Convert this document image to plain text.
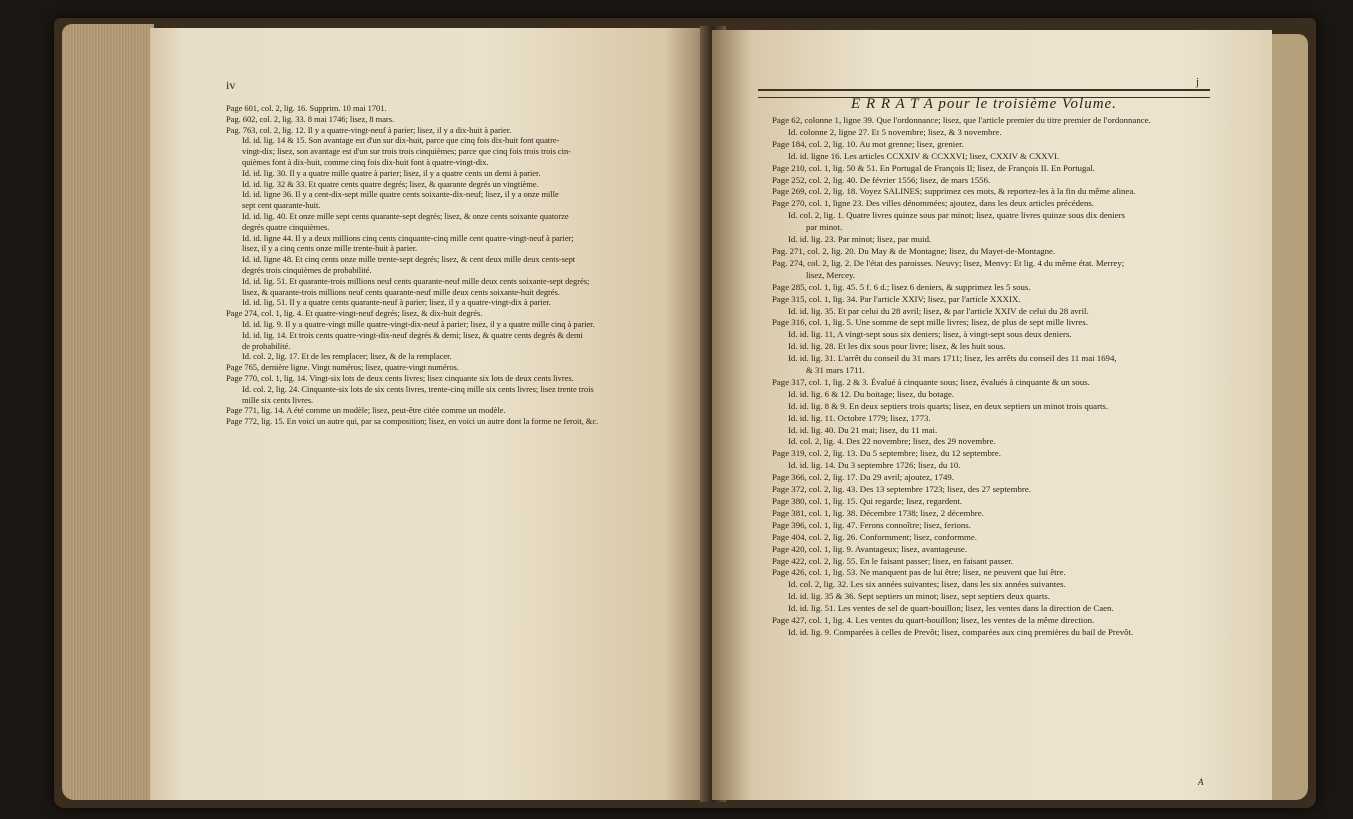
iv
Page 601, col. 2, lig. 16. Supprim. 10 mai 1701.
Pag. 602, col. 2, lig. 33. 8 mai 1746; lisez, 8 mars.
Pag. 763, col. 2, lig. 12. Il y a quatre-vingt-neuf à parier; lisez, il y a dix-huit à parier.
Id. id. lig. 14 & 15. Son avantage est d'un sur dix-huit, parce que cinq fois dix-huit font quatre-
vingt-dix; lisez, son avantage est d'un sur trois trois cinquièmes; parce que cinq fois trois trois cin-
quièmes font à dix-huit, comme cinq fois dix-huit font à quatre-vingt-dix.
Id. id. lig. 30. Il y a quatre mille quatre à parier; lisez, il y a quatre cents un demi à parier.
Id. id. lig. 32 & 33. Et quatre cents quatre degrés; lisez, & quarante degrés un vingtième.
Id. id. ligne 36. Il y a cent-dix-sept mille quatre cents soixante-dix-neuf; lisez, il y a onze mille
sept cent quarante-huit.
Id. id. lig. 40. Et onze mille sept cents quarante-sept degrés; lisez, & onze cents soixante quatorze
degrés quatre cinquièmes.
Id. id. ligne 44. Il y a deux millions cinq cents cinquante-cinq mille cent quatre-vingt-neuf à parier;
lisez, il y a cinq cents onze mille trente-huit à parier.
Id. id. ligne 48. Et cinq cents onze mille trente-sept degrés; lisez, & cent deux mille deux cents-sept
degrés trois cinquièmes de probabilité.
Id. id. lig. 51. Et quarante-trois millions neuf cents quarante-neuf mille deux cents soixante-sept degrés;
lisez, & quarante-trois millions neuf cents quarante-neuf mille deux cents soixante-huit degrés.
Id. id. lig. 51. Il y a quatre cents quarante-neuf à parier; lisez, il y a quatre-vingt-dix à parier.
Page 274, col. 1, lig. 4. Et quatre-vingt-neuf degrés; lisez, & dix-huit degrés.
Id. id. lig. 9. Il y a quatre-vingt mille quatre-vingt-dix-neuf à parier; lisez, il y a quatre mille cinq à parier.
Id. id. lig. 14. Et trois cents quatre-vingt-dix-neuf degrés & demi; lisez, & quatre cents degrés & demi
de probabilité.
Id. col. 2, lig. 17. Et de les remplacer; lisez, & de la remplacer.
Page 765, dernière ligne. Vingt numéros; lisez, quatre-vingt numéros.
Page 770, col. 1, lig. 14. Vingt-six lots de deux cents livres; lisez cinquante six lots de deux cents livres.
Id. col. 2, lig. 24. Cinquante-six lots de six cents livres, trente-cinq mille six cents livres; lisez trente trois
mille six cents livres.
Page 771, lig. 14. A été comme un modèle; lisez, peut-être citée comme un modèle.
Page 772, lig. 15. En voici un autre qui, par sa composition; lisez, en voici un autre dont la forme ne feroit, &c.
j
E R R A T A pour le troisième Volume.
Page 62, colonne 1, ligne 39. Que l'ordonnance; lisez, que l'article premier du titre premier de l'ordonnance.
Id. colonne 2, ligne 27. Et 5 novembre; lisez, & 3 novembre.
Page 184, col. 2, lig. 10. Au mot grenne; lisez, grenier.
Id. id. ligne 16. Les articles CCXXIV & CCXXVI; lisez, CXXIV & CXXVI.
Page 210, col. 1, lig. 50 & 51. En Portugal de François II; lisez, de François II. En Portugal.
Page 252, col. 2, lig. 40. De février 1556; lisez, de mars 1556.
Page 269, col. 2, lig. 18. Voyez SALINES; supprimez ces mots, & reportez-les à la fin du même alinea.
Page 270, col. 1, ligne 23. Des villes dénommées; ajoutez, dans les deux articles précédens.
Id. col. 2, lig. 1. Quatre livres quinze sous par minot; lisez, quatre livres quinze sous dix deniers
par minot.
Id. id. lig. 23. Par minot; lisez, par muid.
Pag. 271, col. 2, lig. 20. Du May & de Montagne; lisez, du Mayet-de-Montagne.
Pag. 274, col. 2, lig. 2. De l'état des paroisses. Neuvy; lisez, Menvy: Et lig. 4 du même état. Merrey;
lisez, Mercey.
Page 285, col. 1, lig. 45. 5 f. 6 d.; lisez 6 deniers, & supprimez les 5 sous.
Page 315, col. 1, lig. 34. Par l'article XXIV; lisez, par l'article XXXIX.
Id. id. lig. 35. Et par celui du 28 avril; lisez, & par l'article XXIV de celui du 28 avril.
Page 316, col. 1, lig. 5. Une somme de sept mille livres; lisez, de plus de sept mille livres.
Id. id. lig. 11, A vingt-sept sous six deniers; lisez, à vingt-sept sous deux deniers.
Id. id. lig. 28. Et les dix sous pour livre; lisez, & les huit sous.
Id. id. lig. 31. L'arrêt du conseil du 31 mars 1711; lisez, les arrêts du conseil des 11 mai 1694,
& 31 mars 1711.
Page 317, col. 1, lig. 2 & 3. Évalué à cinquante sous; lisez, évalués à cinquante & un sous.
Id. id. lig. 6 & 12. Du boitage; lisez, du botage.
Id. id. lig. 8 & 9. En deux septiers trois quarts; lisez, en deux septiers un minot trois quarts.
Id. id. lig. 11. Octobre 1779; lisez, 1773.
Id. id. lig. 40. Du 21 mai; lisez, du 11 mai.
Id. col. 2, lig. 4. Des 22 novembre; lisez, des 29 novembre.
Page 319, col. 2, lig. 13. Du 5 septembre; lisez, du 12 septembre.
Id. id. lig. 14. Du 3 septembre 1726; lisez, du 10.
Page 366, col. 2, lig. 17. Du 29 avril; ajoutez, 1749.
Page 372, col. 2, lig. 43. Des 13 septembre 1723; lisez, des 27 septembre.
Page 380, col. 1, lig. 15. Qui regarde; lisez, regardent.
Page 381, col. 1, lig. 38. Décembre 1738; lisez, 2 décembre.
Page 396, col. 1, lig. 47. Ferons connoître; lisez, ferions.
Page 404, col. 2, lig. 26. Conformment; lisez, conformme.
Page 420, col. 1, lig. 9. Avantageux; lisez, avantageuse.
Page 422, col. 2, lig. 55. En le faisant passer; lisez, en faisant passer.
Page 426, col. 1, lig. 53. Ne manquent pas de lui être; lisez, ne peuvent que lui être.
Id. col. 2, lig. 32. Les six années suivantes; lisez, dans les six années suivantes.
Id. id. lig. 35 & 36. Sept septiers un minot; lisez, sept septiers deux quarts.
Id. id. lig. 51. Les ventes de sel de quart-bouillon; lisez, les ventes dans la direction de Caen.
Page 427, col. 1, lig. 4. Les ventes du quart-bouillon; lisez, les ventes de la même direction.
Id. id. lig. 9. Comparées à celles de Prevôt; lisez, comparées aux cinq premières du bail de Prevôt.
A
